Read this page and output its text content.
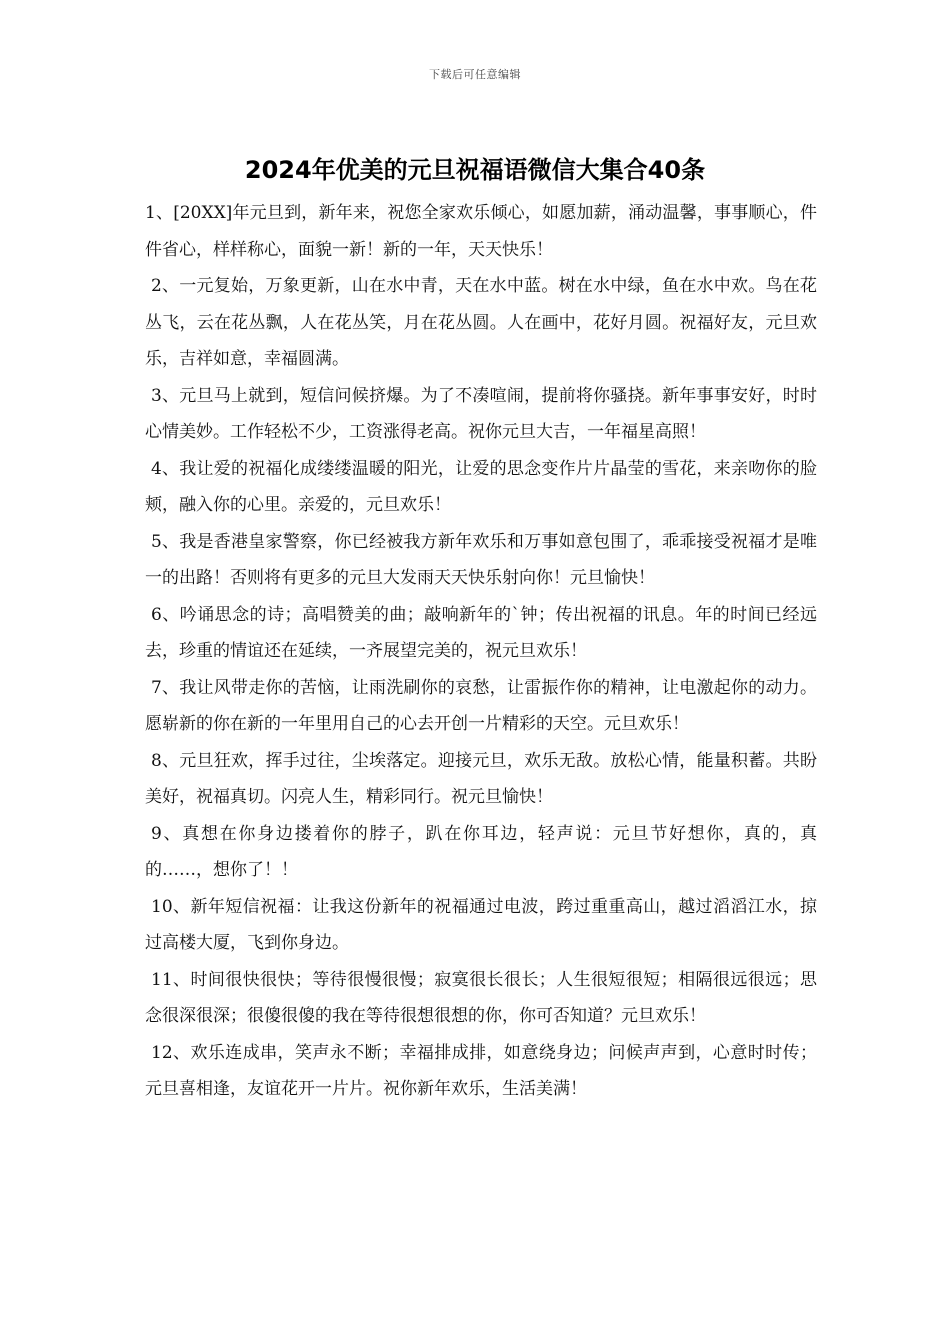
下载后可任意编辑
2024年优美的元旦祝福语微信大集合40条

1、[20XX]年元旦到，新年来，祝您全家欢乐倾心，如愿加薪，涌动温馨，事事顺心，件件省心，样样称心，面貌一新！新的一年，天天快乐！

2、一元复始，万象更新，山在水中青，天在水中蓝。树在水中绿，鱼在水中欢。鸟在花丛飞，云在花丛飘，人在花丛笑，月在花丛圆。人在画中，花好月圆。祝福好友，元旦欢乐，吉祥如意，幸福圆满。

3、元旦马上就到，短信问候挤爆。为了不凑喧闹，提前将你骚挠。新年事事安好，时时心情美妙。工作轻松不少，工资涨得老高。祝你元旦大吉，一年福星高照！

4、我让爱的祝福化成缕缕温暖的阳光，让爱的思念变作片片晶莹的雪花，来亲吻你的脸颊，融入你的心里。亲爱的，元旦欢乐！

5、我是香港皇家警察，你已经被我方新年欢乐和万事如意包围了，乖乖接受祝福才是唯一的出路！否则将有更多的元旦大发雨天天快乐射向你！元旦愉快！

6、吟诵思念的诗；高唱赞美的曲；敲响新年的`钟；传出祝福的讯息。年的时间已经远去，珍重的情谊还在延续，一齐展望完美的，祝元旦欢乐！

7、我让风带走你的苦恼，让雨洗刷你的哀愁，让雷振作你的精神，让电激起你的动力。愿崭新的你在新的一年里用自己的心去开创一片精彩的天空。元旦欢乐！

8、元旦狂欢，挥手过往，尘埃落定。迎接元旦，欢乐无敌。放松心情，能量积蓄。共盼美好，祝福真切。闪亮人生，精彩同行。祝元旦愉快！

9、真想在你身边搂着你的脖子，趴在你耳边，轻声说：元旦节好想你，真的，真的……，想你了！！

10、新年短信祝福：让我这份新年的祝福通过电波，跨过重重高山，越过滔滔江水，掠过高楼大厦，飞到你身边。

11、时间很快很快；等待很慢很慢；寂寞很长很长；人生很短很短；相隔很远很远；思念很深很深；很傻很傻的我在等待很想很想的你，你可否知道？元旦欢乐！

12、欢乐连成串，笑声永不断；幸福排成排，如意绕身边；问候声声到，心意时时传；元旦喜相逢，友谊花开一片片。祝你新年欢乐，生活美满！
